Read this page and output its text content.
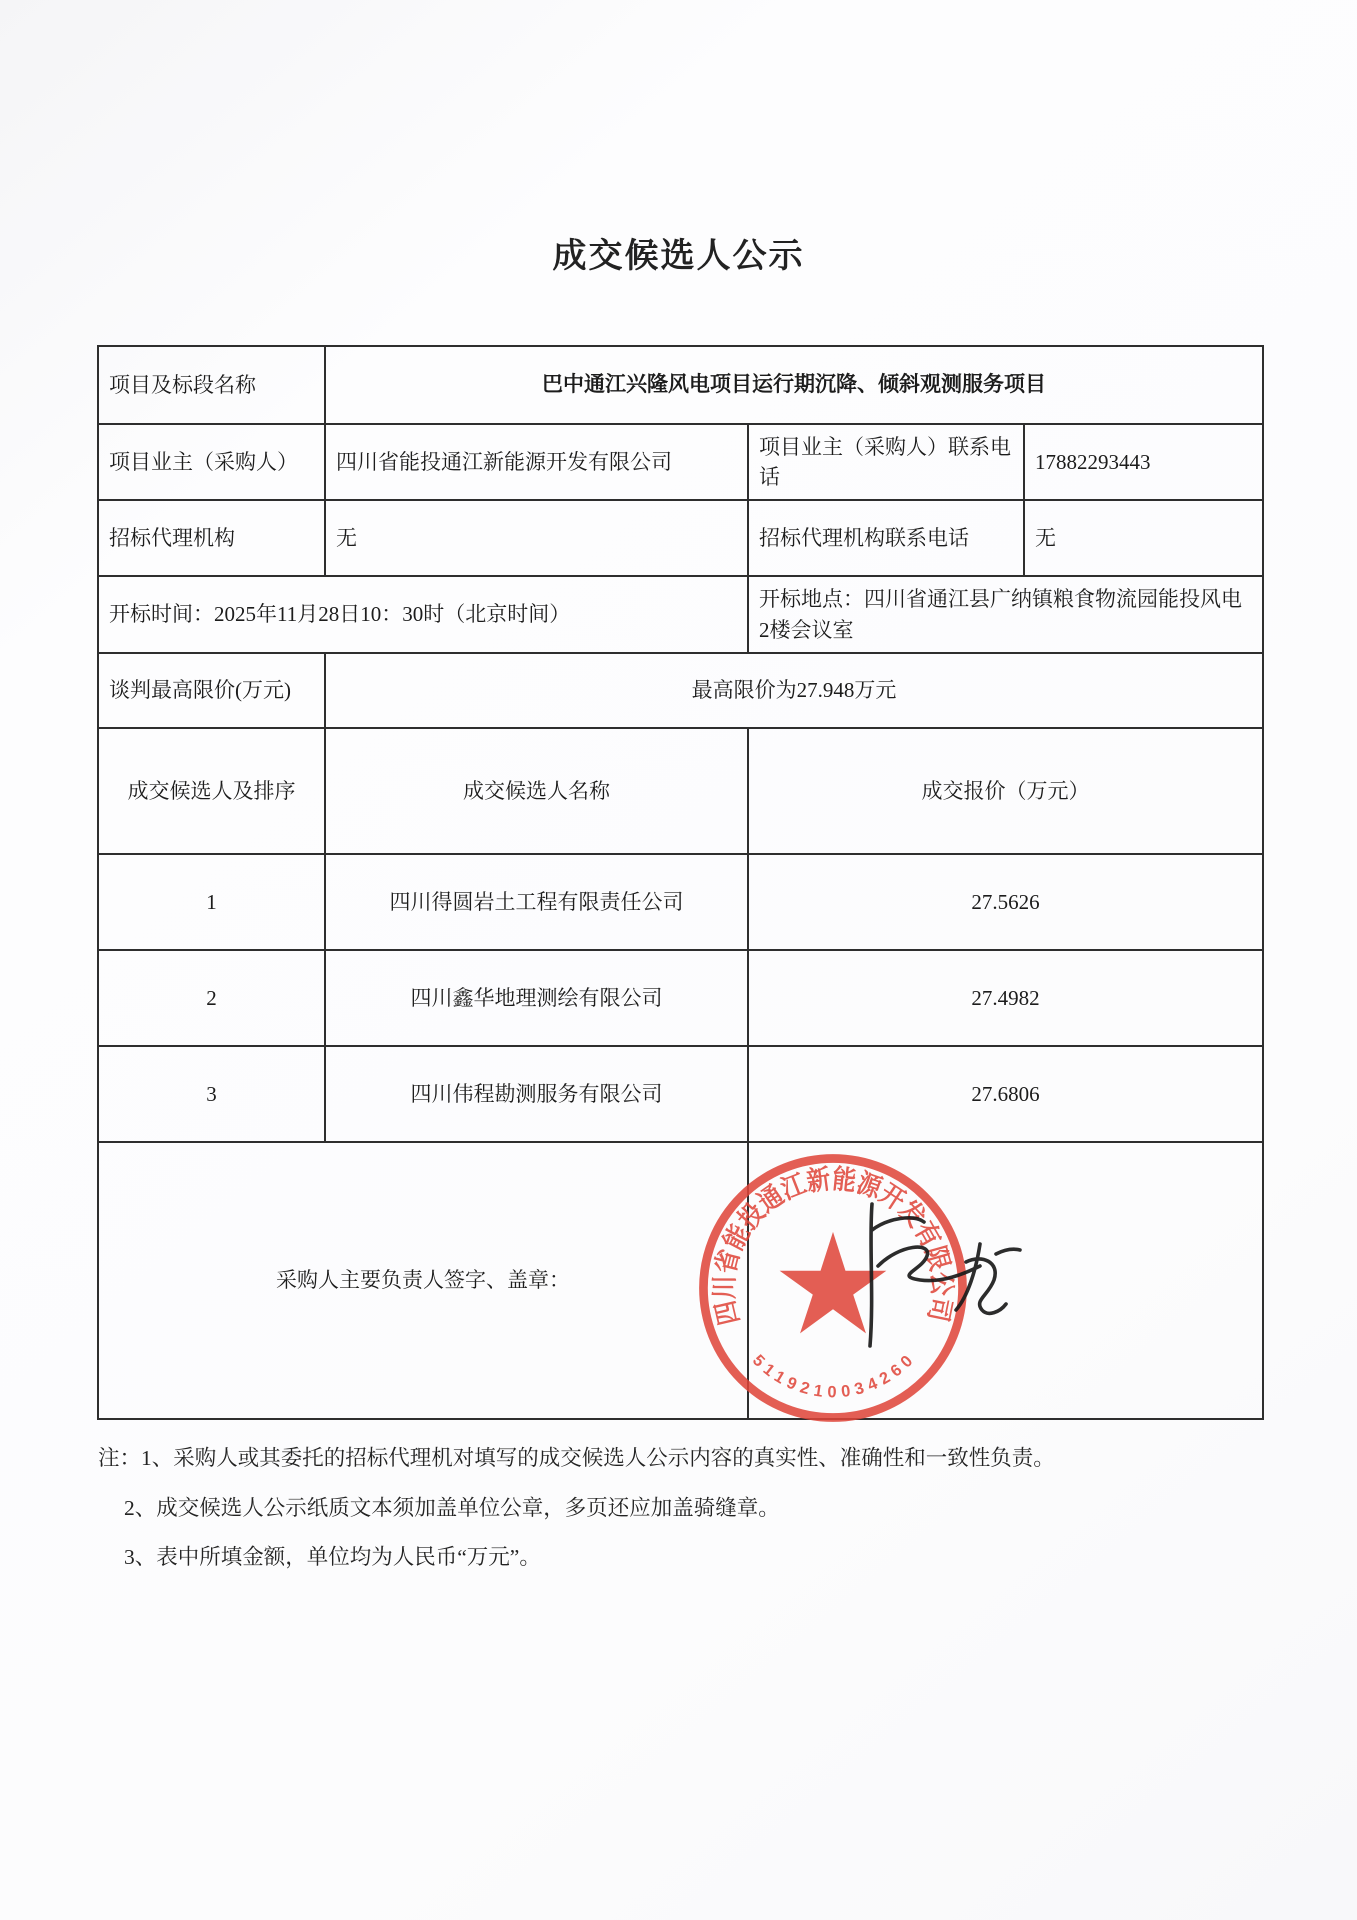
成交候选人公示
项目及标段名称	巴中通江兴隆风电项目运行期沉降、倾斜观测服务项目		
项目业主（采购人）	四川省能投通江新能源开发有限公司	项目业主（采购人）联系电话	17882293443
招标代理机构	无	招标代理机构联系电话	无
开标时间：2025年11月28日10：30时（北京时间）		开标地点：四川省通江县广纳镇粮食物流园能投风电2楼会议室	
谈判最高限价(万元)	最高限价为27.948万元		
成交候选人及排序	成交候选人名称	成交报价（万元）	
1	四川得圆岩土工程有限责任公司	27.5626	
2	四川鑫华地理测绘有限公司	27.4982	
3	四川伟程勘测服务有限公司	27.6806	
采购人主要负责人签字、盖章：			
四川省能投通江新能源开发有限公司
5119210034260

注：1、采购人或其委托的招标代理机对填写的成交候选人公示内容的真实性、准确性和一致性负责。

2、成交候选人公示纸质文本须加盖单位公章，多页还应加盖骑缝章。

3、表中所填金额，单位均为人民币“万元”。
